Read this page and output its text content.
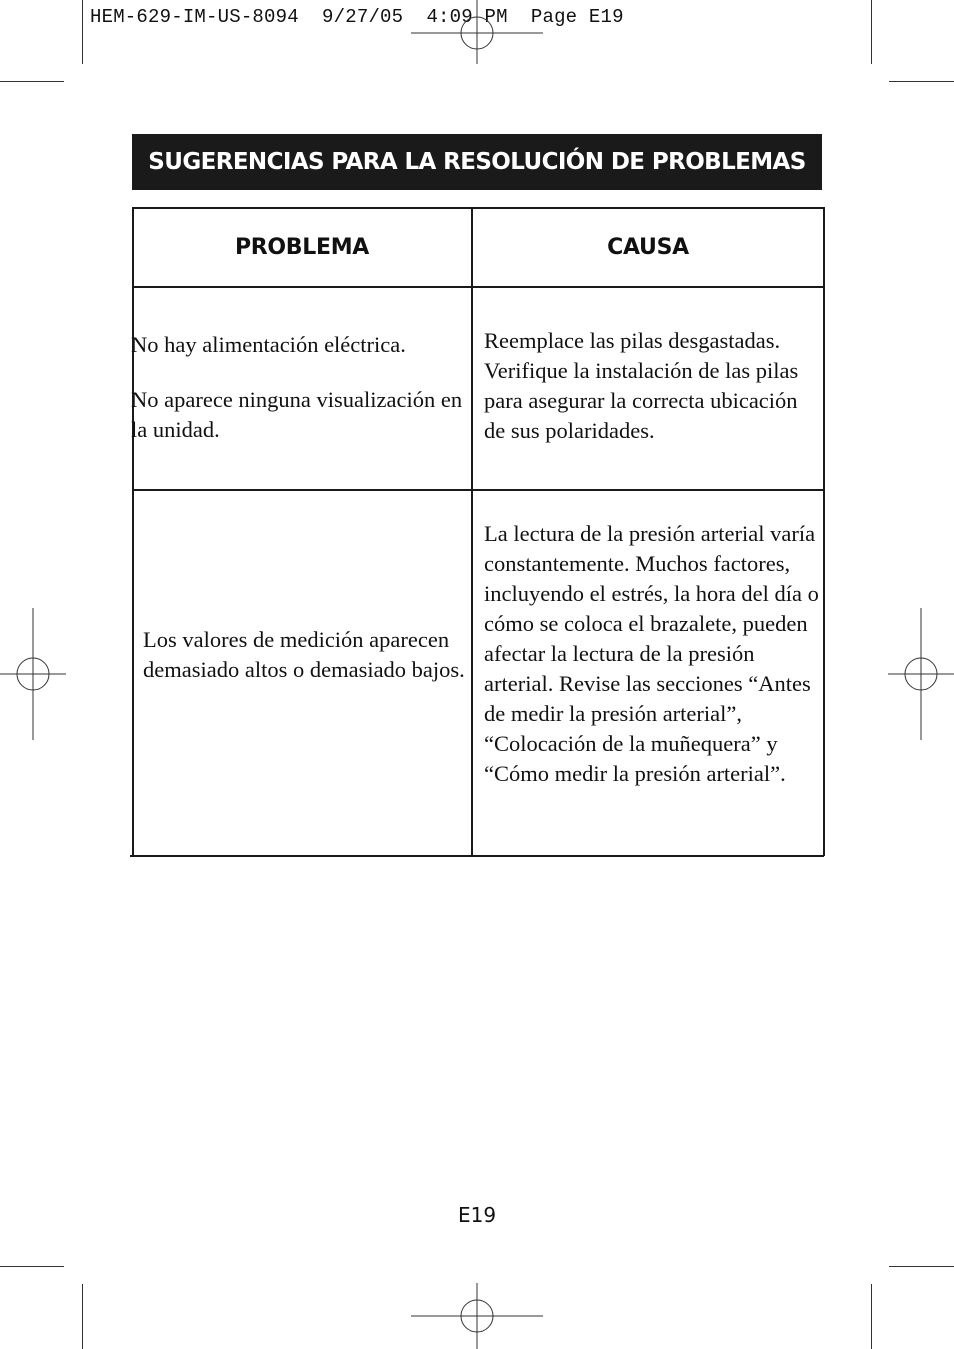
HEM-629-IM-US-8094  9/27/05  4:09 PM  Page E19
SUGERENCIAS PARA LA RESOLUCIÓN DE PROBLEMAS
PROBLEMA	CAUSA

No hay alimentación eléctrica.

No aparece ninguna visualización en la unidad.

Reemplace las pilas desgastadas. Verifique la instalación de las pilas para asegurar la correcta ubicación de sus polaridades.

Los valores de medición aparecen demasiado altos o demasiado bajos.

La lectura de la presión arterial varía constantemente. Muchos factores, incluyendo el estrés, la hora del día o cómo se coloca el brazalete, pueden afectar la lectura de la presión arterial. Revise las secciones “Antes de medir la presión arterial”, “Colocación de la muñequera” y “Cómo medir la presión arterial”.

E19
